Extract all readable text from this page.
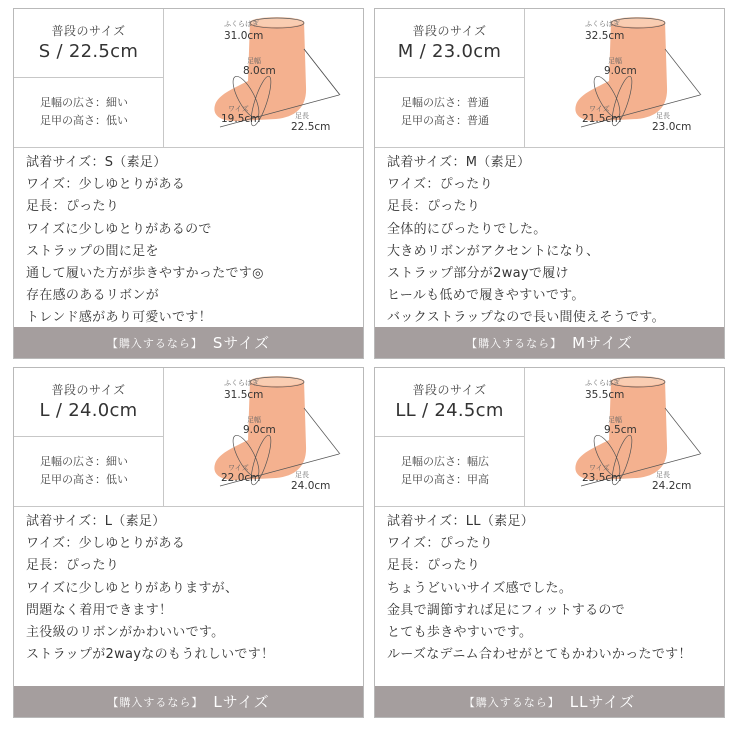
普段のサイズ
S / 22.5cm
足幅の広さ：細い
足甲の高さ：低い
ふくらはぎ
31.0cm
足幅
8.0cm
ワイズ
19.5cm	足長
22.5cm
試着サイズ：S（素足）
ワイズ：少しゆとりがある
足長：ぴったり
ワイズに少しゆとりがあるので
ストラップの間に足を
通して履いた方が歩きやすかったです◎
存在感のあるリボンが
トレンド感があり可愛いです！
【購入するなら】 Sサイズ
普段のサイズ
M / 23.0cm
足幅の広さ：普通
足甲の高さ：普通
ふくらはぎ
32.5cm
足幅
9.0cm
ワイズ
21.5cm	足長
23.0cm
試着サイズ：M（素足）
ワイズ：ぴったり
足長：ぴったり
全体的にぴったりでした。
大きめリボンがアクセントになり、
ストラップ部分が2wayで履け
ヒールも低めで履きやすいです。
バックストラップなので長い間使えそうです。
【購入するなら】 Mサイズ
普段のサイズ
L / 24.0cm
足幅の広さ：細い
足甲の高さ：低い
ふくらはぎ
31.5cm
足幅
9.0cm
ワイズ
22.0cm	足長
24.0cm
試着サイズ：L（素足）
ワイズ：少しゆとりがある
足長：ぴったり
ワイズに少しゆとりがありますが、
問題なく着用できます！
主役級のリボンがかわいいです。
ストラップが2wayなのもうれしいです！
【購入するなら】 Lサイズ
普段のサイズ
LL / 24.5cm
足幅の広さ：幅広
足甲の高さ：甲高
ふくらはぎ
35.5cm
足幅
9.5cm
ワイズ
23.5cm	足長
24.2cm
試着サイズ：LL（素足）
ワイズ：ぴったり
足長：ぴったり
ちょうどいいサイズ感でした。
金具で調節すれば足にフィットするので
とても歩きやすいです。
ルーズなデニム合わせがとてもかわいかったです！
【購入するなら】 LLサイズ
